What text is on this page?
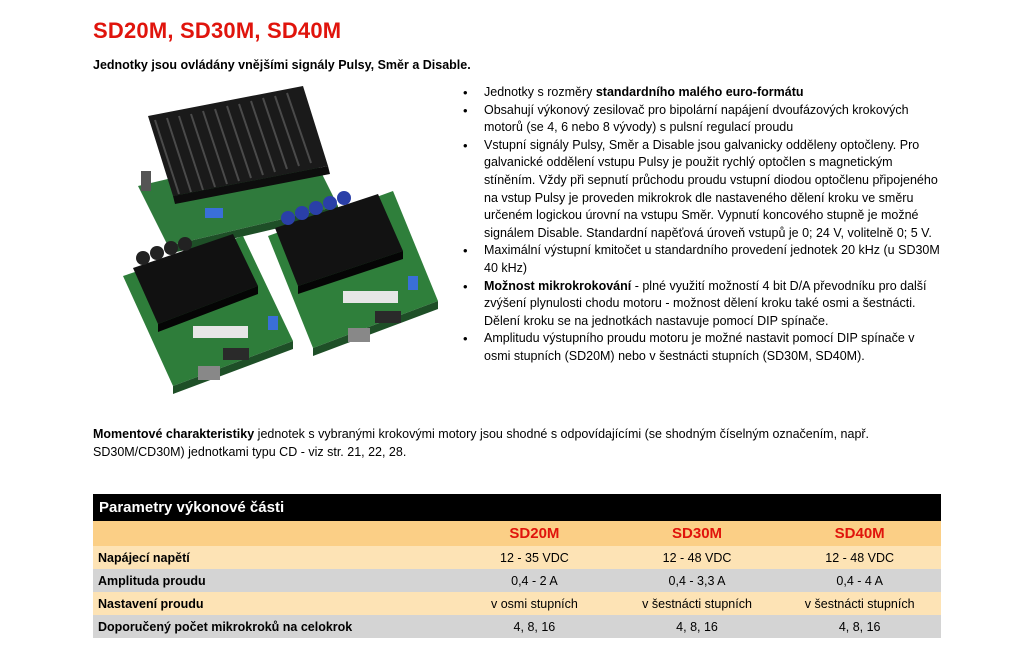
SD20M, SD30M, SD40M
Jednotky jsou ovládány vnějšími signály Pulsy, Směr a Disable.
• Jednotky s rozměry standardního malého euro-formátu
• Obsahují výkonový zesilovač pro bipolární napájení dvoufázových krokových motorů (se 4, 6 nebo 8 vývody) s pulsní regulací proudu
• Vstupní signály Pulsy, Směr a Disable jsou galvanicky odděleny optočleny. Pro galvanické oddělení vstupu Pulsy je použit rychlý optočlen s magnetickým stíněním. Vždy při sepnutí průchodu proudu vstupní diodou optočlenu připojeného na vstup Pulsy je proveden mikrokrok dle nastaveného dělení kroku ve směru určeném logickou úrovní na vstupu Směr. Vypnutí koncového stupně je možné signálem Disable. Standardní napěťová úroveň vstupů je 0; 24 V, volitelně 0; 5 V.
• Maximální výstupní kmitočet u standardního provedení jednotek 20 kHz (u SD30M 40 kHz)
• Možnost mikrokrokování - plné využití možností 4 bit D/A převodníku pro další zvýšení plynulosti chodu motoru - možnost dělení kroku také osmi a šestnácti. Dělení kroku se na jednotkách nastavuje pomocí DIP spínače.
• Amplitudu výstupního proudu motoru je možné nastavit pomocí DIP spínače v osmi stupních (SD20M) nebo v šestnácti stupních (SD30M, SD40M).
Momentové charakteristiky jednotek s vybranými krokovými motory jsou shodné s odpovídajícími (se shodným číselným označením, např. SD30M/CD30M) jednotkami typu CD - viz str. 21, 22, 28.
Parametry výkonové části			
	SD20M	SD30M	SD40M
Napájecí napětí	12 - 35 VDC	12 - 48 VDC	12 - 48 VDC
Amplituda proudu	0,4 - 2 A	0,4 - 3,3 A	0,4 - 4 A
Nastavení proudu	v osmi stupních	v šestnácti stupních	v šestnácti stupních
Doporučený počet mikrokroků na celokrok	4, 8, 16	4, 8, 16	4, 8, 16
